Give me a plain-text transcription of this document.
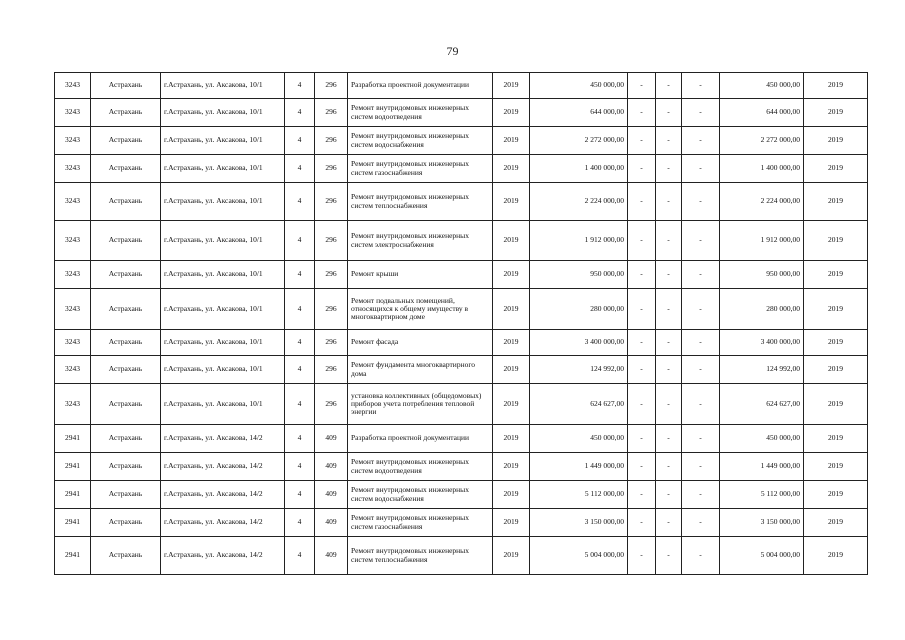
79
3243	Астрахань	г.Астрахань, ул. Аксакова, 10/1	4	296	Разработка проектной документации	2019	450 000,00	-	-	-	450 000,00	2019
3243	Астрахань	г.Астрахань, ул. Аксакова, 10/1	4	296	Ремонт внутридомовых инженерных систем водоотведения	2019	644 000,00	-	-	-	644 000,00	2019
3243	Астрахань	г.Астрахань, ул. Аксакова, 10/1	4	296	Ремонт внутридомовых инженерных систем водоснабжения	2019	2 272 000,00	-	-	-	2 272 000,00	2019
3243	Астрахань	г.Астрахань, ул. Аксакова, 10/1	4	296	Ремонт внутридомовых инженерных систем газоснабжения	2019	1 400 000,00	-	-	-	1 400 000,00	2019
3243	Астрахань	г.Астрахань, ул. Аксакова, 10/1	4	296	Ремонт внутридомовых инженерных систем теплоснабжения	2019	2 224 000,00	-	-	-	2 224 000,00	2019
3243	Астрахань	г.Астрахань, ул. Аксакова, 10/1	4	296	Ремонт внутридомовых инженерных систем электроснабжения	2019	1 912 000,00	-	-	-	1 912 000,00	2019
3243	Астрахань	г.Астрахань, ул. Аксакова, 10/1	4	296	Ремонт крыши	2019	950 000,00	-	-	-	950 000,00	2019
3243	Астрахань	г.Астрахань, ул. Аксакова, 10/1	4	296	Ремонт подвальных помещений, относящихся к общему имуществу в многоквартирном доме	2019	280 000,00	-	-	-	280 000,00	2019
3243	Астрахань	г.Астрахань, ул. Аксакова, 10/1	4	296	Ремонт фасада	2019	3 400 000,00	-	-	-	3 400 000,00	2019
3243	Астрахань	г.Астрахань, ул. Аксакова, 10/1	4	296	Ремонт фундамента многоквартирного дома	2019	124 992,00	-	-	-	124 992,00	2019
3243	Астрахань	г.Астрахань, ул. Аксакова, 10/1	4	296	установка коллективных (общедомовых) приборов учета потребления тепловой энергии	2019	624 627,00	-	-	-	624 627,00	2019
2941	Астрахань	г.Астрахань, ул. Аксакова, 14/2	4	409	Разработка проектной документации	2019	450 000,00	-	-	-	450 000,00	2019
2941	Астрахань	г.Астрахань, ул. Аксакова, 14/2	4	409	Ремонт внутридомовых инженерных систем водоотведения	2019	1 449 000,00	-	-	-	1 449 000,00	2019
2941	Астрахань	г.Астрахань, ул. Аксакова, 14/2	4	409	Ремонт внутридомовых инженерных систем водоснабжения	2019	5 112 000,00	-	-	-	5 112 000,00	2019
2941	Астрахань	г.Астрахань, ул. Аксакова, 14/2	4	409	Ремонт внутридомовых инженерных систем газоснабжения	2019	3 150 000,00	-	-	-	3 150 000,00	2019
2941	Астрахань	г.Астрахань, ул. Аксакова, 14/2	4	409	Ремонт внутридомовых инженерных систем теплоснабжения	2019	5 004 000,00	-	-	-	5 004 000,00	2019
